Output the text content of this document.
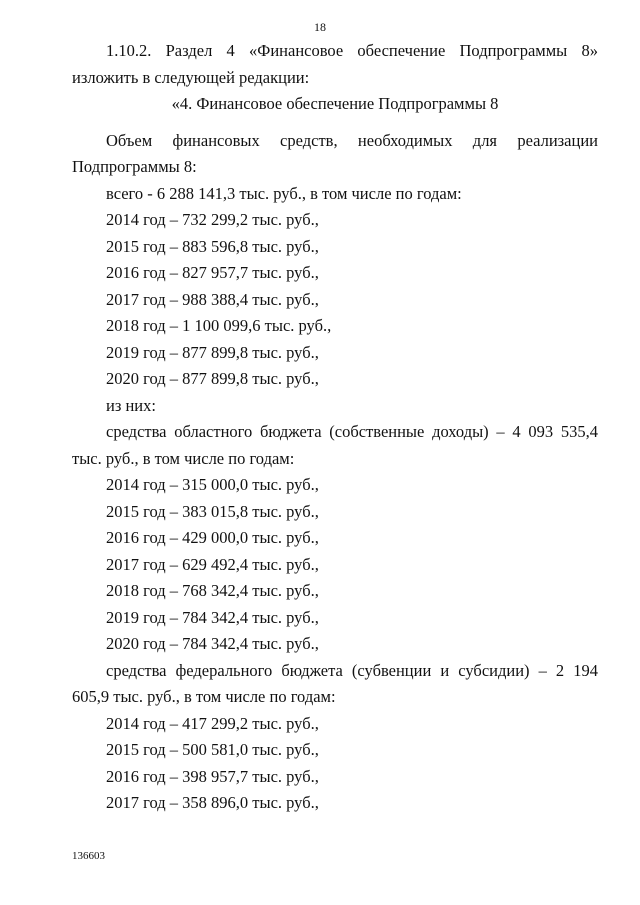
18

1.10.2. Раздел 4 «Финансовое обеспечение Подпрограммы 8» изложить в следующей редакции:

«4. Финансовое обеспечение Подпрограммы 8

Объем финансовых средств, необходимых для реализации Подпрограммы 8:

всего - 6 288 141,3 тыс. руб., в том числе по годам:

2014 год – 732 299,2 тыс. руб.,

2015 год – 883 596,8 тыс. руб.,

2016 год – 827 957,7 тыс. руб.,

2017 год – 988 388,4 тыс. руб.,

2018 год – 1 100 099,6 тыс. руб.,

2019 год – 877 899,8 тыс. руб.,

2020 год – 877 899,8 тыс. руб.,

из них:

средства областного бюджета (собственные доходы) – 4 093 535,4 тыс. руб., в том числе по годам:

2014 год – 315 000,0 тыс. руб.,

2015 год – 383 015,8 тыс. руб.,

2016 год – 429 000,0 тыс. руб.,

2017 год – 629 492,4 тыс. руб.,

2018 год – 768 342,4 тыс. руб.,

2019 год – 784 342,4 тыс. руб.,

2020 год – 784 342,4 тыс. руб.,

средства федерального бюджета (субвенции и субсидии) – 2 194 605,9 тыс. руб., в том числе по годам:

2014 год – 417 299,2 тыс. руб.,

2015 год – 500 581,0 тыс. руб.,

2016 год – 398 957,7 тыс. руб.,

2017 год – 358 896,0 тыс. руб.,

136603
